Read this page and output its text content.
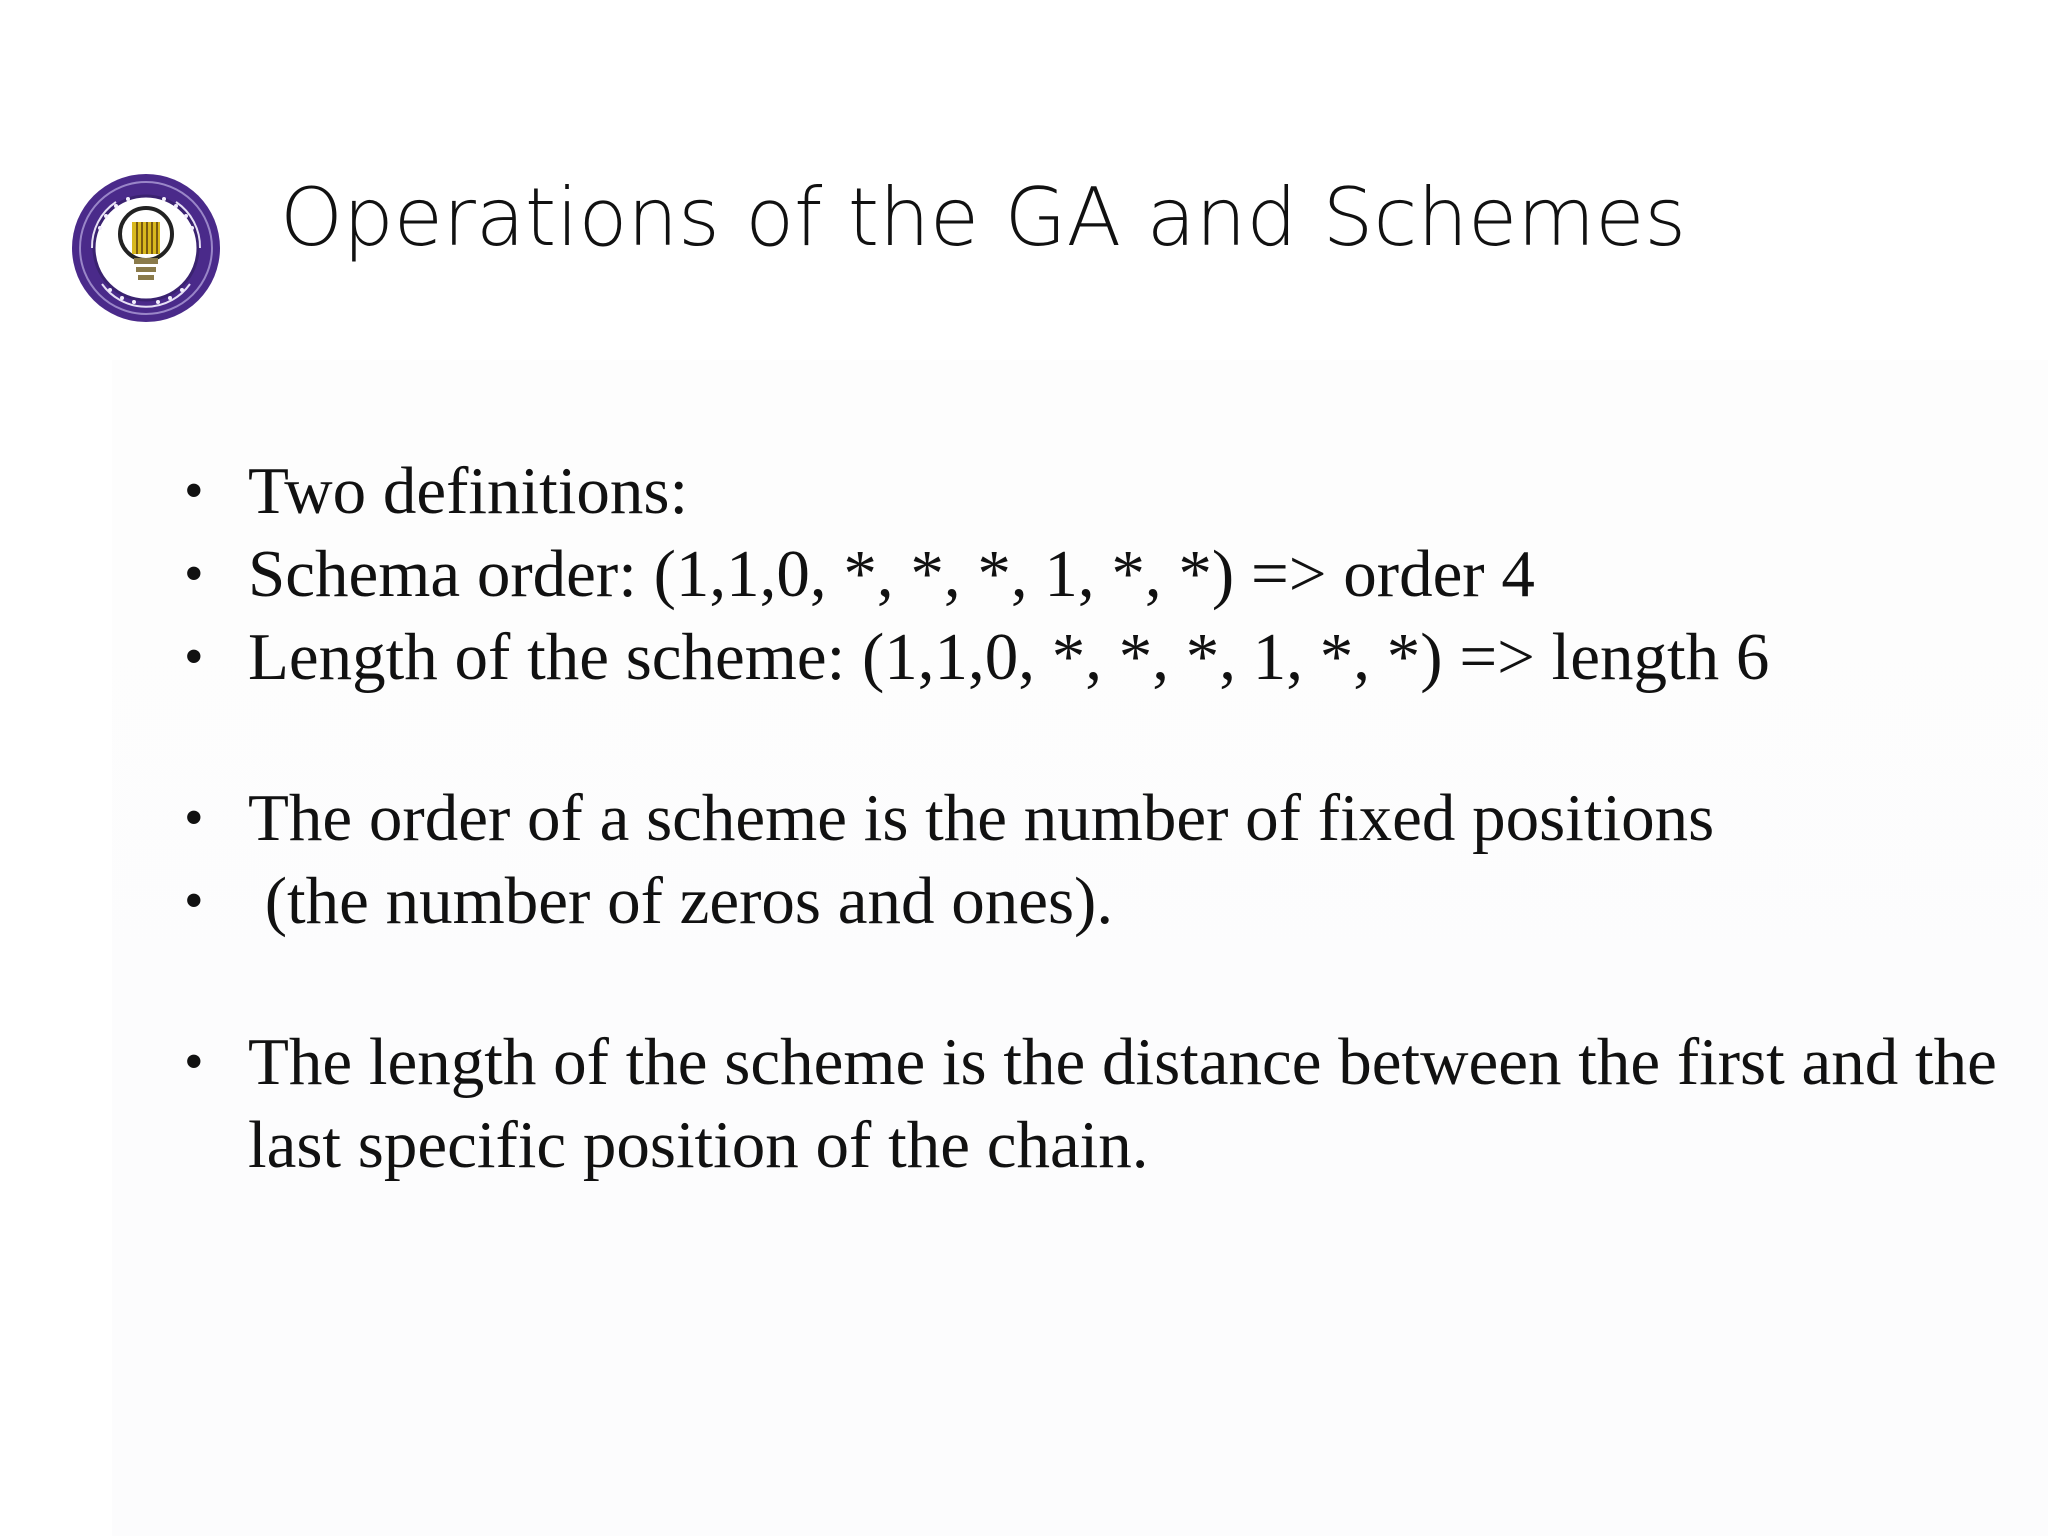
Operations of the GA and Schemes
• Two definitions:
• Schema order: (1,1,0, *, *, *, 1, *, *) => order 4
• Length of the scheme: (1,1,0, *, *, *, 1, *, *) => length 6
• The order of a scheme is the number of fixed positions
• (the number of zeros and ones).
• The length of the scheme is the distance between the first and the last specific position of the chain.
